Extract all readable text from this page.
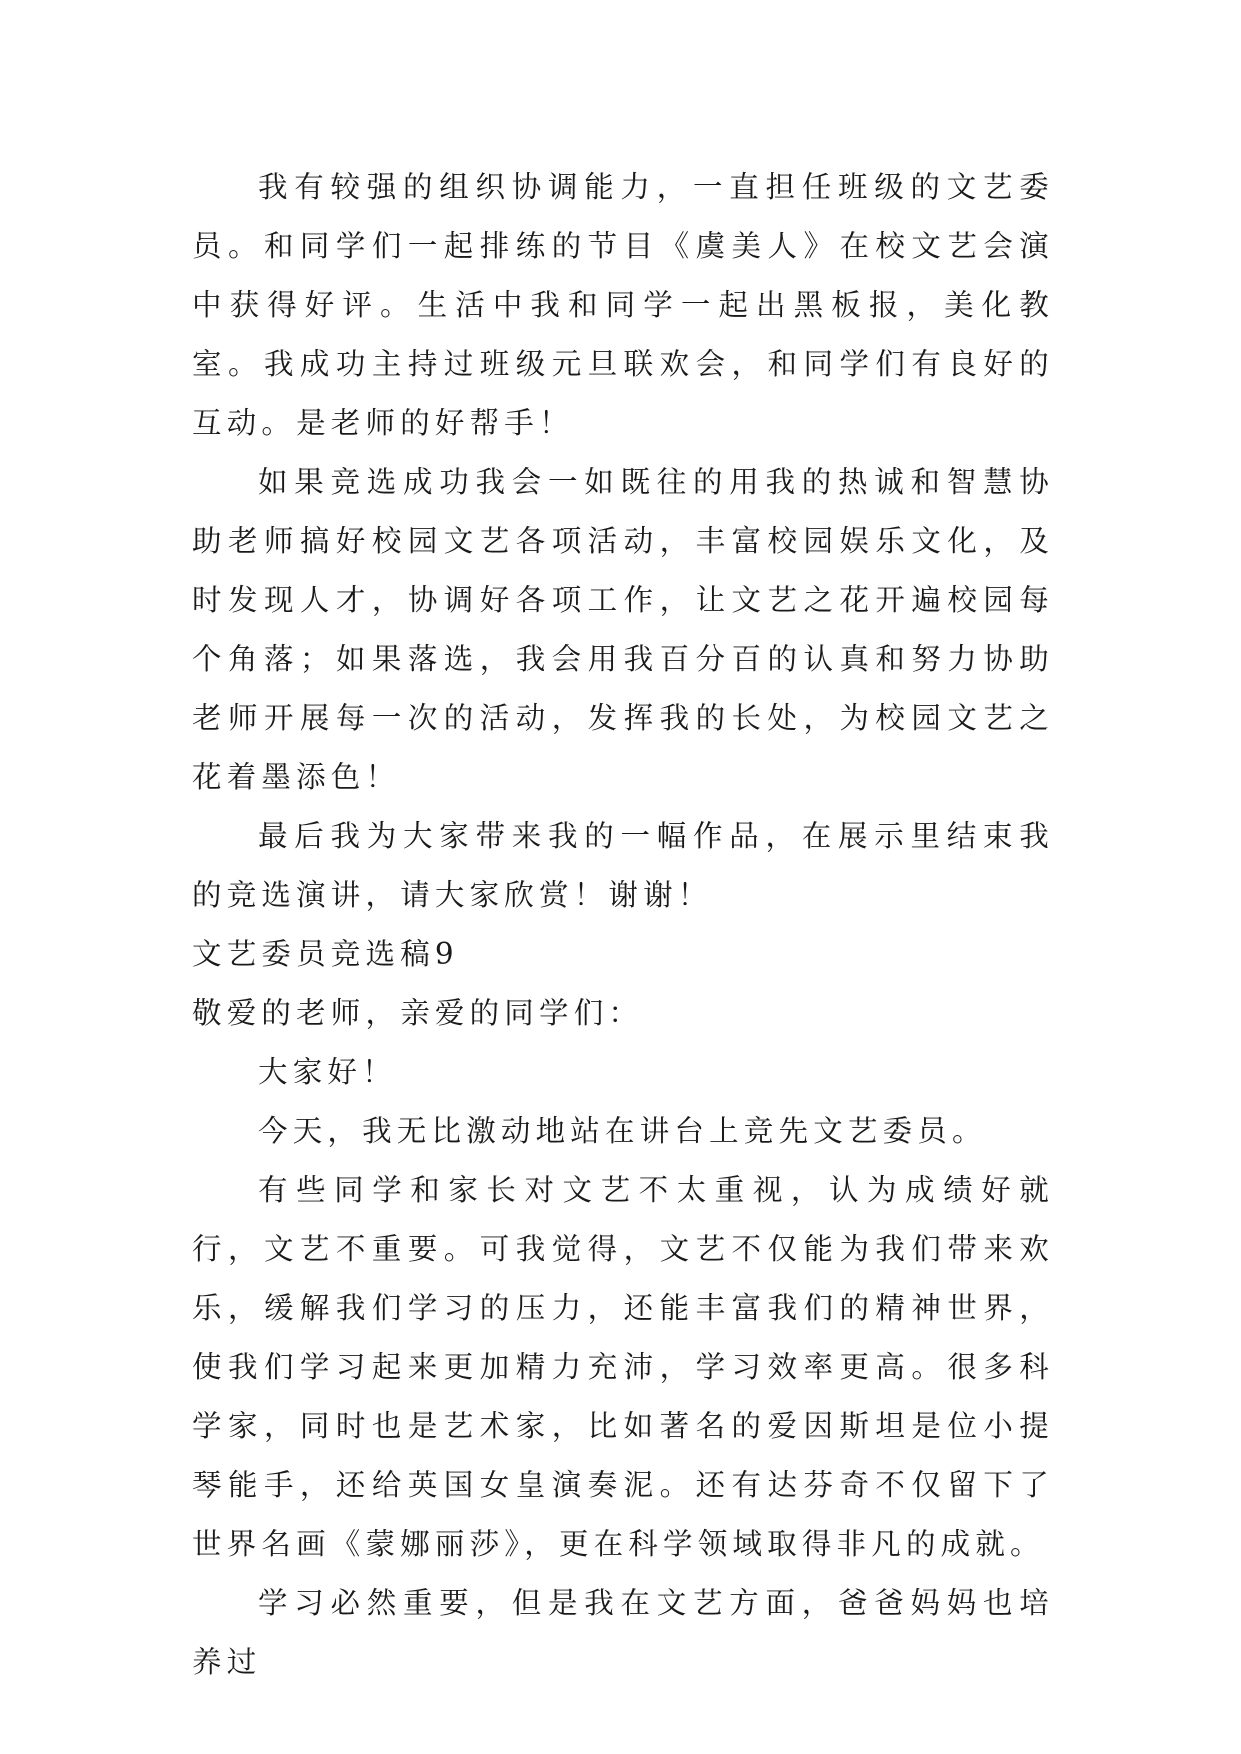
我有较强的组织协调能力，一直担任班级的文艺委员。和同学们一起排练的节目《虞美人》在校文艺会演中获得好评。生活中我和同学一起出黑板报，美化教室。我成功主持过班级元旦联欢会，和同学们有良好的互动。是老师的好帮手！

如果竞选成功我会一如既往的用我的热诚和智慧协助老师搞好校园文艺各项活动，丰富校园娱乐文化，及时发现人才，协调好各项工作，让文艺之花开遍校园每个角落；如果落选，我会用我百分百的认真和努力协助老师开展每一次的活动，发挥我的长处，为校园文艺之花着墨添色！

最后我为大家带来我的一幅作品，在展示里结束我的竞选演讲，请大家欣赏！谢谢！

文艺委员竞选稿9

敬爱的老师，亲爱的同学们：

大家好！

今天，我无比激动地站在讲台上竞先文艺委员。

有些同学和家长对文艺不太重视，认为成绩好就行，文艺不重要。可我觉得，文艺不仅能为我们带来欢乐，缓解我们学习的压力，还能丰富我们的精神世界，使我们学习起来更加精力充沛，学习效率更高。很多科学家，同时也是艺术家，比如著名的爱因斯坦是位小提琴能手，还给英国女皇演奏泥。还有达芬奇不仅留下了世界名画《蒙娜丽莎》，更在科学领域取得非凡的成就。

学习必然重要，但是我在文艺方面，爸爸妈妈也培养过
